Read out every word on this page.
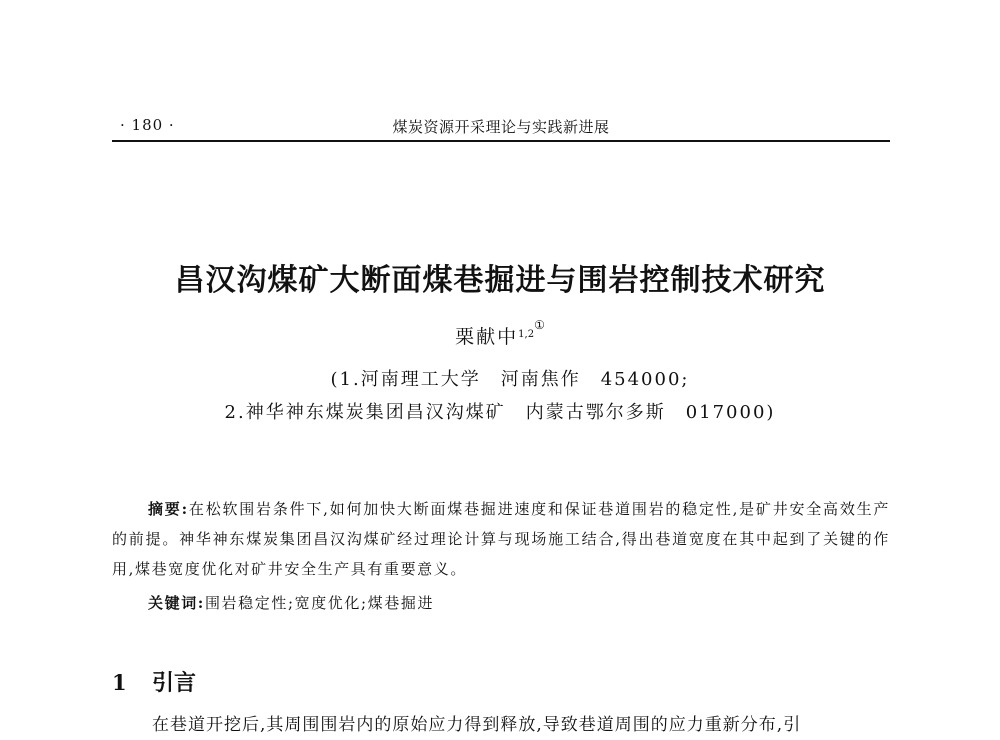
· 180 ·	煤炭资源开采理论与实践新进展
昌汉沟煤矿大断面煤巷掘进与围岩控制技术研究
栗献中$^{1,2①}$
(1.河南理工大学　河南焦作　454000;
2.神华神东煤炭集团昌汉沟煤矿　内蒙古鄂尔多斯　017000)

摘要:在松软围岩条件下,如何加快大断面煤巷掘进速度和保证巷道围岩的稳定性,是矿井安全高效生产的前提。神华神东煤炭集团昌汉沟煤矿经过理论计算与现场施工结合,得出巷道宽度在其中起到了关键的作用,煤巷宽度优化对矿井安全生产具有重要意义。

关键词:围岩稳定性;宽度优化;煤巷掘进

1 引言

在巷道开挖后,其周围围岩内的原始应力得到释放,导致巷道周围的应力重新分布,引
